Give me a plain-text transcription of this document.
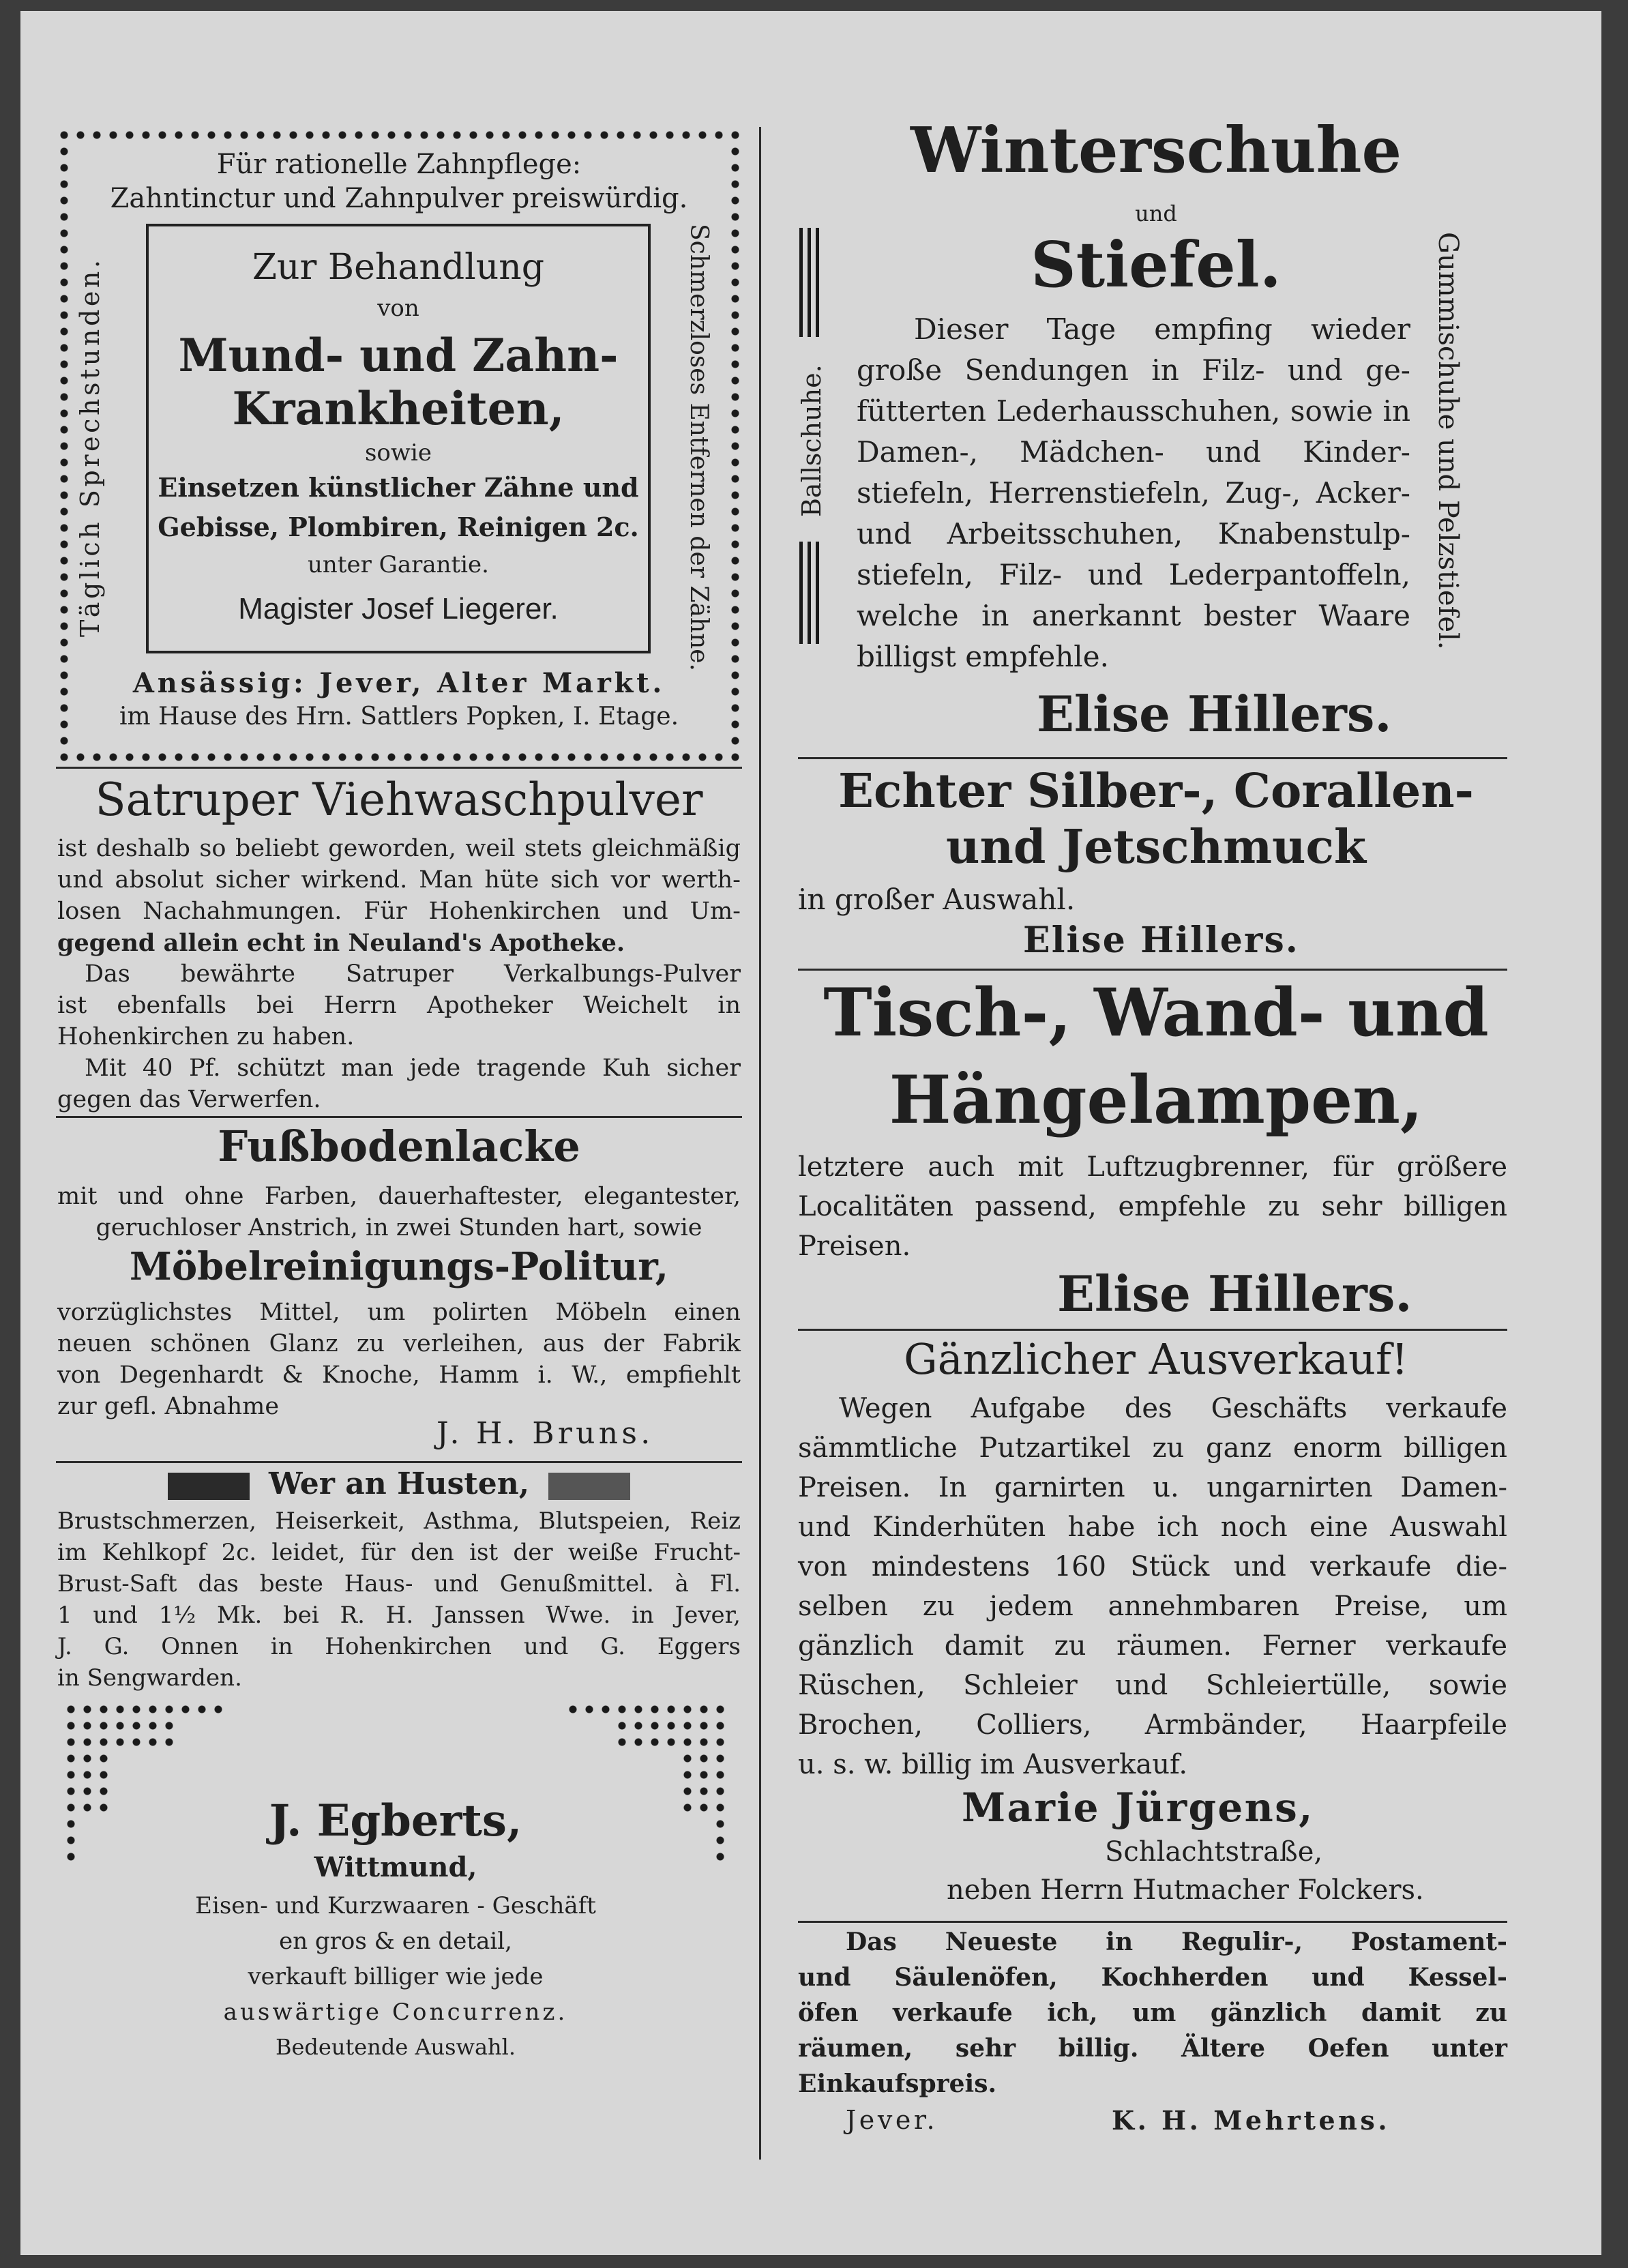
Für rationelle Zahnpflege:
Zahntinctur und Zahnpulver preiswürdig.
Täglich Sprechstunden.	Schmerzloses Entfernen der Zähne.
Zur Behandlung
von
Mund- und Zahn-
Krankheiten,
sowie
Einsetzen künstlicher Zähne und
Gebisse, Plombiren, Reinigen 2c.
unter Garantie.
Magister Josef Liegerer.
Ansässig: Jever, Alter Markt.
im Hause des Hrn. Sattlers Popken, I. Etage.
Satruper Viehwaschpulver
ist deshalb so beliebt geworden, weil stets gleichmäßig
und absolut sicher wirkend. Man hüte sich vor werth-
losen Nachahmungen. Für Hohenkirchen und Um-
gegend allein echt in Neuland's Apotheke.
Das bewährte Satruper Verkalbungs-Pulver
ist ebenfalls bei Herrn Apotheker Weichelt in
Hohenkirchen zu haben.
Mit 40 Pf. schützt man jede tragende Kuh sicher
gegen das Verwerfen.
Fußbodenlacke
mit und ohne Farben, dauerhaftester, elegantester,
geruchloser Anstrich, in zwei Stunden hart, sowie
Möbelreinigungs-Politur,
vorzüglichstes Mittel, um polirten Möbeln einen
neuen schönen Glanz zu verleihen, aus der Fabrik
von Degenhardt & Knoche, Hamm i. W., empfiehlt
zur gefl. Abnahme
J. H. Bruns.
Wer an Husten,
Brustschmerzen, Heiserkeit, Asthma, Blutspeien, Reiz
im Kehlkopf 2c. leidet, für den ist der weiße Frucht-
Brust-Saft das beste Haus- und Genußmittel. à Fl.
1 und 1½ Mk. bei R. H. Janssen Wwe. in Jever,
J. G. Onnen in Hohenkirchen und G. Eggers
in Sengwarden.
J. Egberts,
Wittmund,
Eisen- und Kurzwaaren - Geschäft
en gros & en detail,
verkauft billiger wie jede
auswärtige Concurrenz.
Bedeutende Auswahl.
Winterschuhe
und
Stiefel.
Ballschuhe.	Gummischuhe und Pelzstiefel.
Dieser Tage empfing wieder
große Sendungen in Filz- und ge-
fütterten Lederhausschuhen, sowie in
Damen-, Mädchen- und Kinder-
stiefeln, Herrenstiefeln, Zug-, Acker-
und Arbeitsschuhen, Knabenstulp-
stiefeln, Filz- und Lederpantoffeln,
welche in anerkannt bester Waare
billigst empfehle.
Elise Hillers.
Echter Silber-, Corallen-
und Jetschmuck
in großer Auswahl.
Elise Hillers.
Tisch-, Wand- und
Hängelampen,
letztere auch mit Luftzugbrenner, für größere
Localitäten passend, empfehle zu sehr billigen
Preisen.
Elise Hillers.
Gänzlicher Ausverkauf!
Wegen Aufgabe des Geschäfts verkaufe
sämmtliche Putzartikel zu ganz enorm billigen
Preisen. In garnirten u. ungarnirten Damen-
und Kinderhüten habe ich noch eine Auswahl
von mindestens 160 Stück und verkaufe die-
selben zu jedem annehmbaren Preise, um
gänzlich damit zu räumen. Ferner verkaufe
Rüschen, Schleier und Schleiertülle, sowie
Brochen, Colliers, Armbänder, Haarpfeile
u. s. w. billig im Ausverkauf.
Marie Jürgens,
Schlachtstraße,
neben Herrn Hutmacher Folckers.
Das Neueste in Regulir-, Postament-
und Säulenöfen, Kochherden und Kessel-
öfen verkaufe ich, um gänzlich damit zu
räumen, sehr billig. Ältere Oefen unter
Einkaufspreis.
Jever.	K. H. Mehrtens.
